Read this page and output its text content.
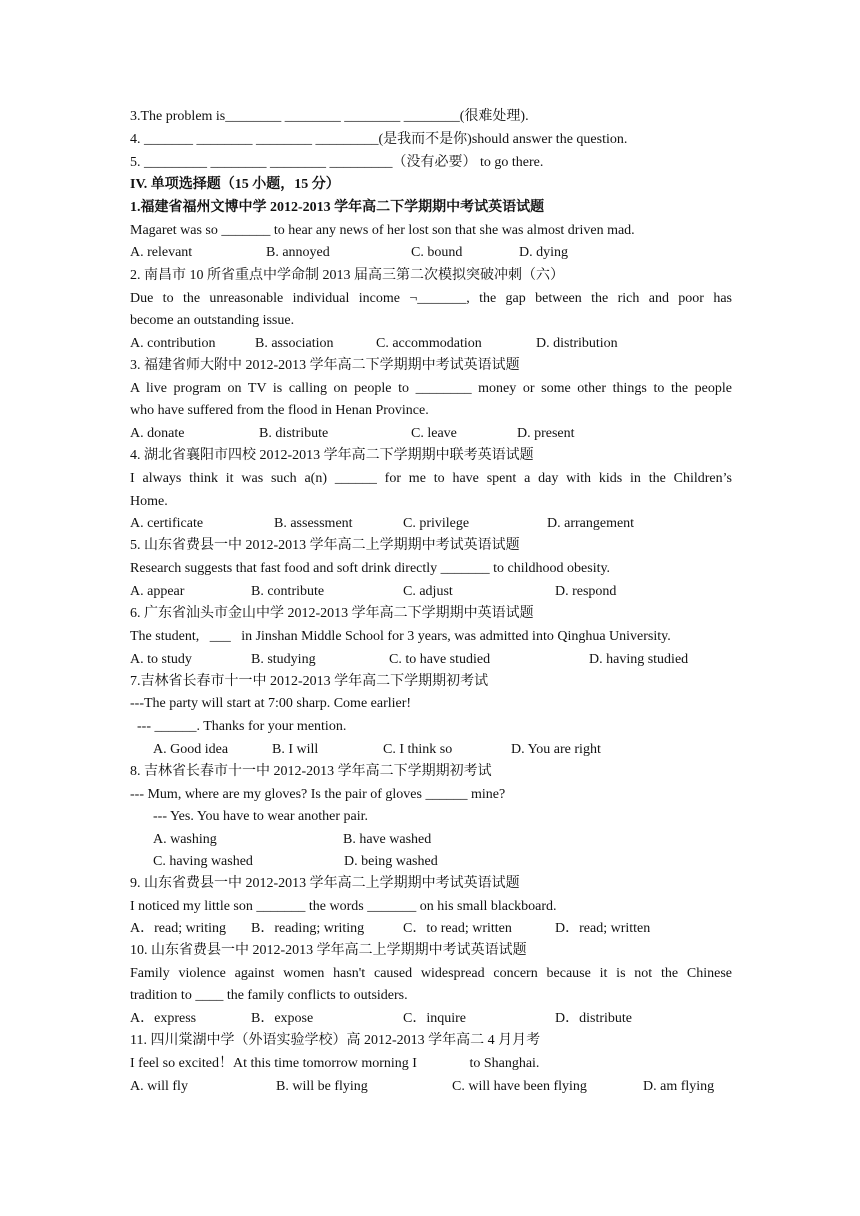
3.The problem is________ ________ ________ ________(很难处理).
4. _______ ________ ________ _________(是我而不是你)should answer the question.
5. _________ ________ ________ _________（没有必要） to go there.
IV. 单项选择题（15 小题，15 分）
1.福建省福州文博中学 2012-2013 学年高二下学期期中考试英语试题
Magaret was so _______ to hear any news of her lost son that she was almost driven mad.
A. relevant	B. annoyed	C. bound	D. dying
2. 南昌市 10 所省重点中学命制 2013 届高三第二次模拟突破冲刺（六）
Due to the unreasonable individual income ¬_______, the gap between the rich and poor has
become an outstanding issue.
A. contribution	B. association	C. accommodation	D. distribution
3. 福建省师大附中 2012-2013 学年高二下学期期中考试英语试题
A live program on TV is calling on people to ________ money or some other things to the people
who have suffered from the flood in Henan Province.
A. donate	B. distribute	C. leave	D. present
4. 湖北省襄阳市四校 2012-2013 学年高二下学期期中联考英语试题
I always think it was such a(n) ______ for me to have spent a day with kids in the Children’s
Home.
A. certificate	B. assessment	C. privilege	D. arrangement
5. 山东省费县一中 2012-2013 学年高二上学期期中考试英语试题
Research suggests that fast food and soft drink directly _______ to childhood obesity.
A. appear	B. contribute	C. adjust	D. respond
6. 广东省汕头市金山中学 2012-2013 学年高二下学期期中英语试题
The student,   ___   in Jinshan Middle School for 3 years, was admitted into Qinghua University.
A. to study	B. studying	C. to have studied	D. having studied
7.吉林省长春市十一中 2012-2013 学年高二下学期期初考试
---The party will start at 7:00 sharp. Come earlier!
--- ______. Thanks for your mention.
A. Good idea	B. I will	C. I think so	D. You are right
8. 吉林省长春市十一中 2012-2013 学年高二下学期期初考试
--- Mum, where are my gloves? Is the pair of gloves ______ mine?
--- Yes. You have to wear another pair.
A. washing	B. have washed
C. having washed	D. being washed
9. 山东省费县一中 2012-2013 学年高二上学期期中考试英语试题
I noticed my little son _______ the words _______ on his small blackboard.
A．read; writing B．reading; writing	C．to read; written	D．read; written
10. 山东省费县一中 2012-2013 学年高二上学期期中考试英语试题
Family violence against women hasn't caused widespread concern because it is not the Chinese
tradition to ____ the family conflicts to outsiders.
A．express	B．expose	C．inquire	D．distribute
11. 四川棠湖中学（外语实验学校）高 2012-2013 学年高二 4 月月考
I feel so excited！At this time tomorrow morning I               to Shanghai.
A. will fly	B. will be flying	C. will have been flying	D. am flying
